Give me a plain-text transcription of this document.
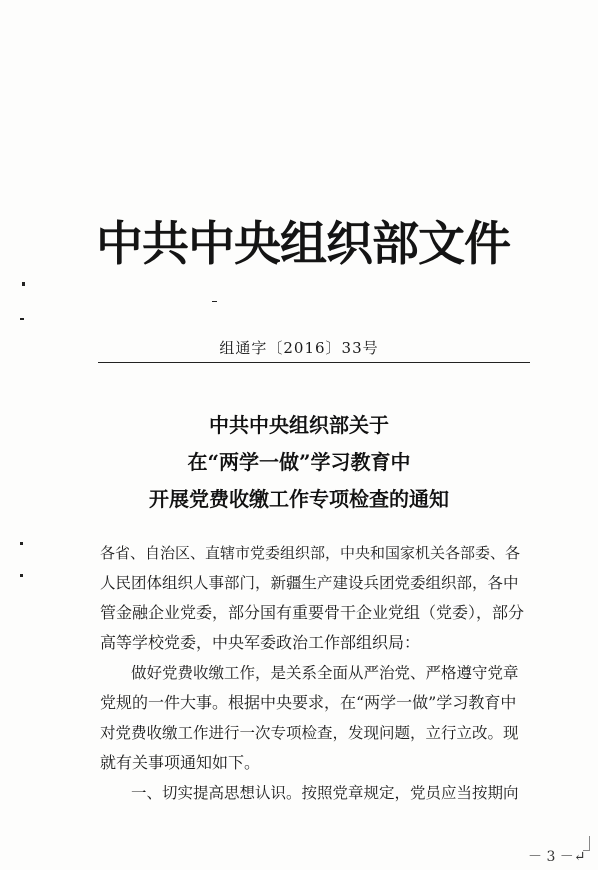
中共中央组织部文件
组通字〔2016〕33号
中共中央组织部关于
在“两学一做”学习教育中
开展党费收缴工作专项检查的通知
各省、自治区、直辖市党委组织部，中央和国家机关各部委、各
人民团体组织人事部门，新疆生产建设兵团党委组织部，各中
管金融企业党委，部分国有重要骨干企业党组（党委），部分
高等学校党委，中央军委政治工作部组织局：
　　做好党费收缴工作，是关系全面从严治党、严格遵守党章
党规的一件大事。根据中央要求，在“两学一做”学习教育中
对党费收缴工作进行一次专项检查，发现问题，立行立改。现
就有关事项通知如下。
　　一、切实提高思想认识。按照党章规定，党员应当按期向
－ 3 －↵
